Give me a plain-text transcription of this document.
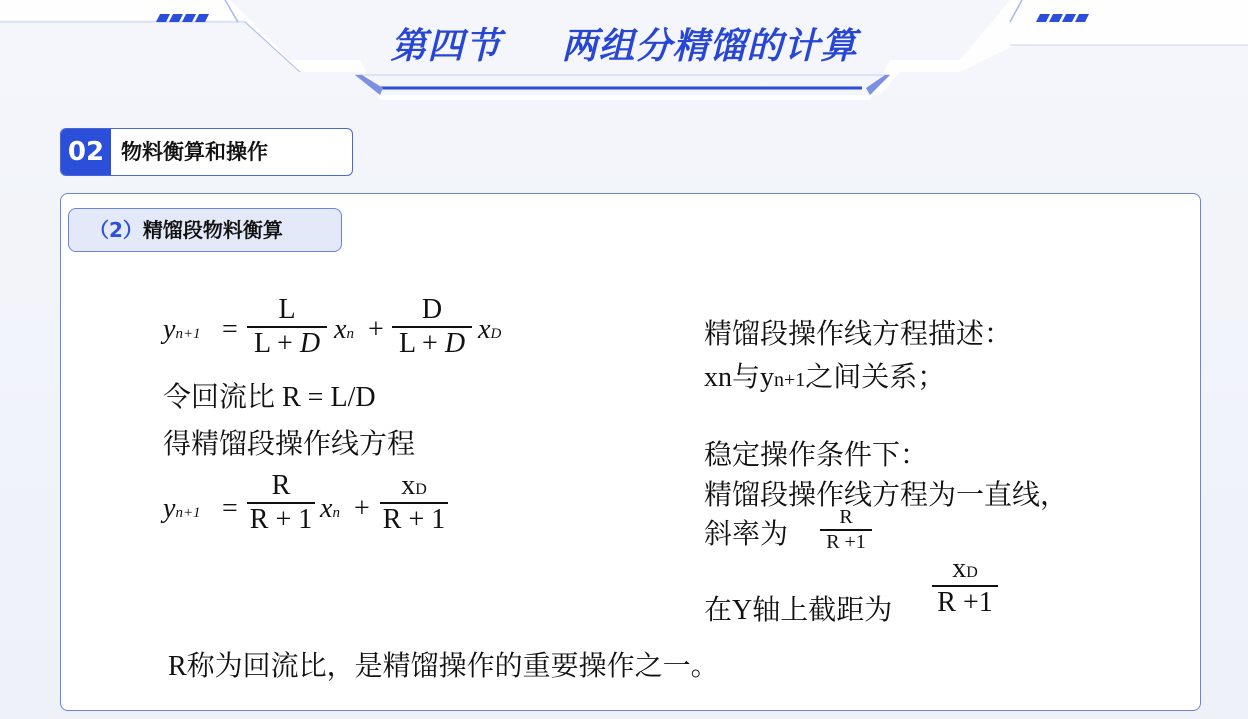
第四节 两组分精馏的计算
02 物料衡算和操作
（2）精馏段物料衡算
yn+1 =
L
L + D xn +
D
L + D xD
令回流比 R = L/D
得精馏段操作线方程
yn+1 =
R
R + 1 xn +
xD
R + 1
精馏段操作线方程描述：
xn与yn+1之间关系；
稳定操作条件下：
精馏段操作线方程为一直线，
斜率为
R
R +1
在Y轴上截距为
xD
R +1
R称为回流比，是精馏操作的重要操作之一。
